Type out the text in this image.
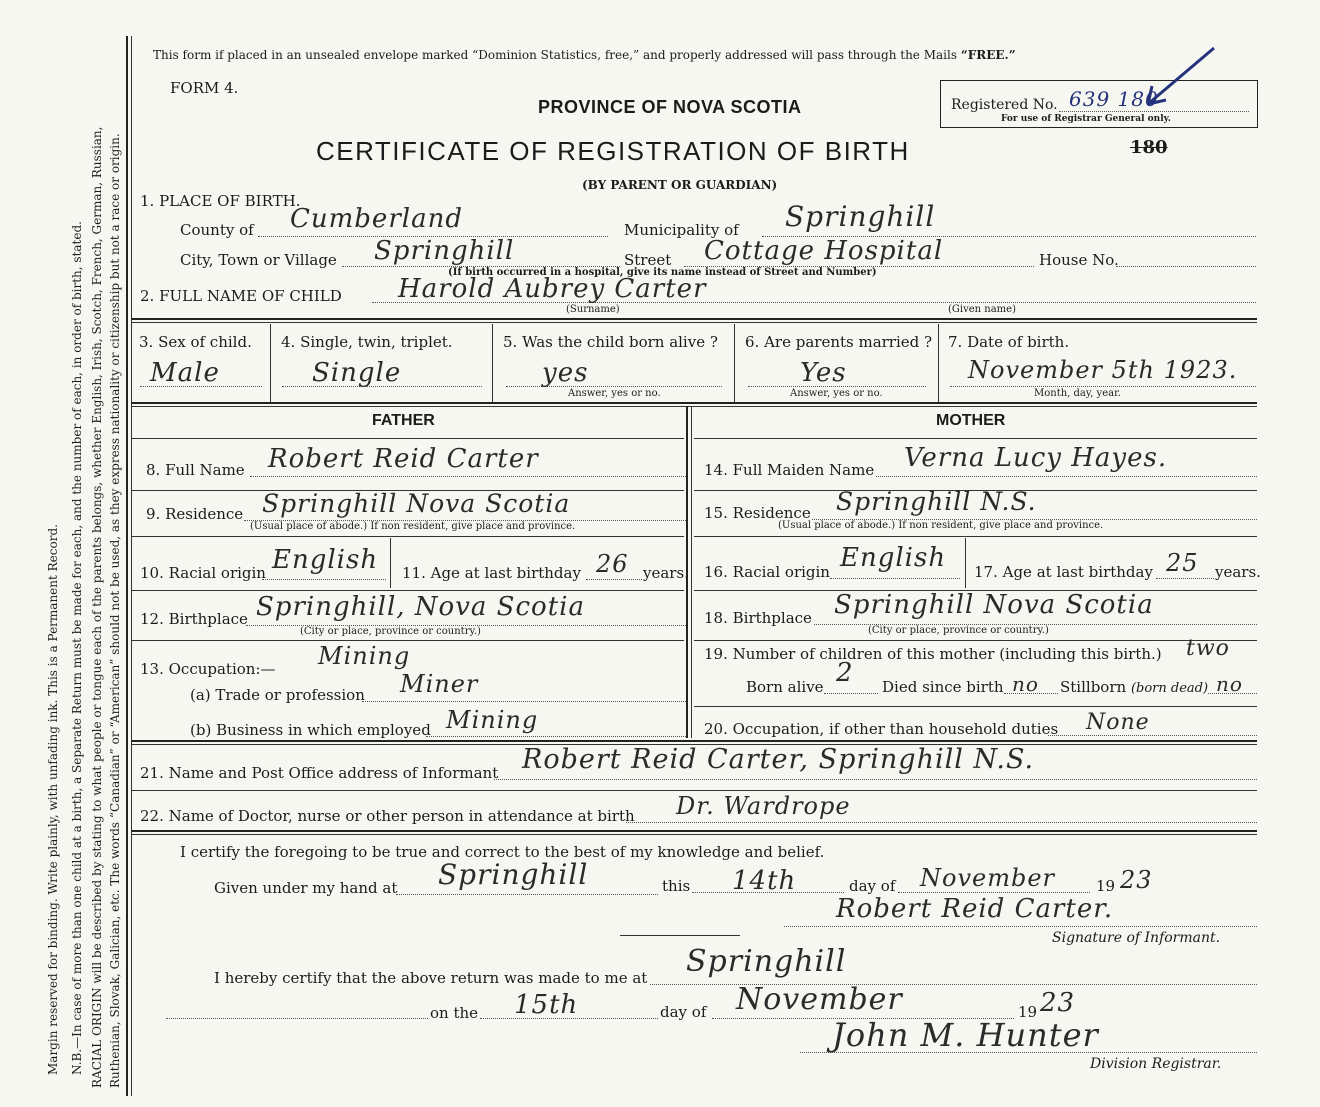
Margin reserved for binding. Write plainly, with unfading ink. This is a Permanent Record. N.B.—In case of more than one child at a birth, a Separate Return must be made for each, and the number of each, in order of birth, stated. RACIAL ORIGIN will be described by stating to what people or tongue each of the parents belongs, whether English, Irish, Scotch, French, German, Russian, Ruthenian, Slovak, Galician, etc. The words “Canadian” or “American” should not be used, as they express nationality or citizenship but not a race or origin.
This form if placed in an unsealed envelope marked “Dominion Statistics, free,” and properly addressed will pass through the Mails “FREE.”
FORM 4.
PROVINCE OF NOVA SCOTIA	Registered No. 639 180
For use of Registrar General only.
CERTIFICATE OF REGISTRATION OF BIRTH	180
(BY PARENT OR GUARDIAN)
1. PLACE OF BIRTH.
County of Cumberland	Municipality of Springhill
City, Town or Village Springhill	Street Cottage Hospital	House No.
(If birth occurred in a hospital, give its name instead of Street and Number)
2. FULL NAME OF CHILD Harold Aubrey Carter
(Surname)	(Given name)
3. Sex of child.
Male
4. Single, twin, triplet.
Single
5. Was the child born alive ?
yes
Answer, yes or no.
6. Are parents married ?
Yes
Answer, yes or no.
7. Date of birth.
November 5th 1923.
Month, day, year.
FATHER	MOTHER
8. Full Name Robert Reid Carter
9. Residence Springhill Nova Scotia
(Usual place of abode.) If non resident, give place and province.
10. Racial origin English 11. Age at last birthday 26 years.
12. Birthplace Springhill, Nova Scotia
(City or place, province or country.)
13. Occupation:— Mining
(a) Trade or profession Miner
(b) Business in which employed Mining
14. Full Maiden Name Verna Lucy Hayes.
15. Residence Springhill N.S.
(Usual place of abode.) If non resident, give place and province.
16. Racial origin English 17. Age at last birthday 25 years.
18. Birthplace Springhill Nova Scotia
(City or place, province or country.)
19. Number of children of this mother (including this birth.) two
Born alive 2 Died since birth no Stillborn (born dead) no
20. Occupation, if other than household duties None
21. Name and Post Office address of Informant Robert Reid Carter, Springhill N.S.
22. Name of Doctor, nurse or other person in attendance at birth Dr. Wardrope
I certify the foregoing to be true and correct to the best of my knowledge and belief.
Given under my hand at Springhill	this 14th	day of November	19 23
Robert Reid Carter.
Signature of Informant.
I hereby certify that the above return was made to me at Springhill
on the 15th	day of November	19 23
John M. Hunter
Division Registrar.
